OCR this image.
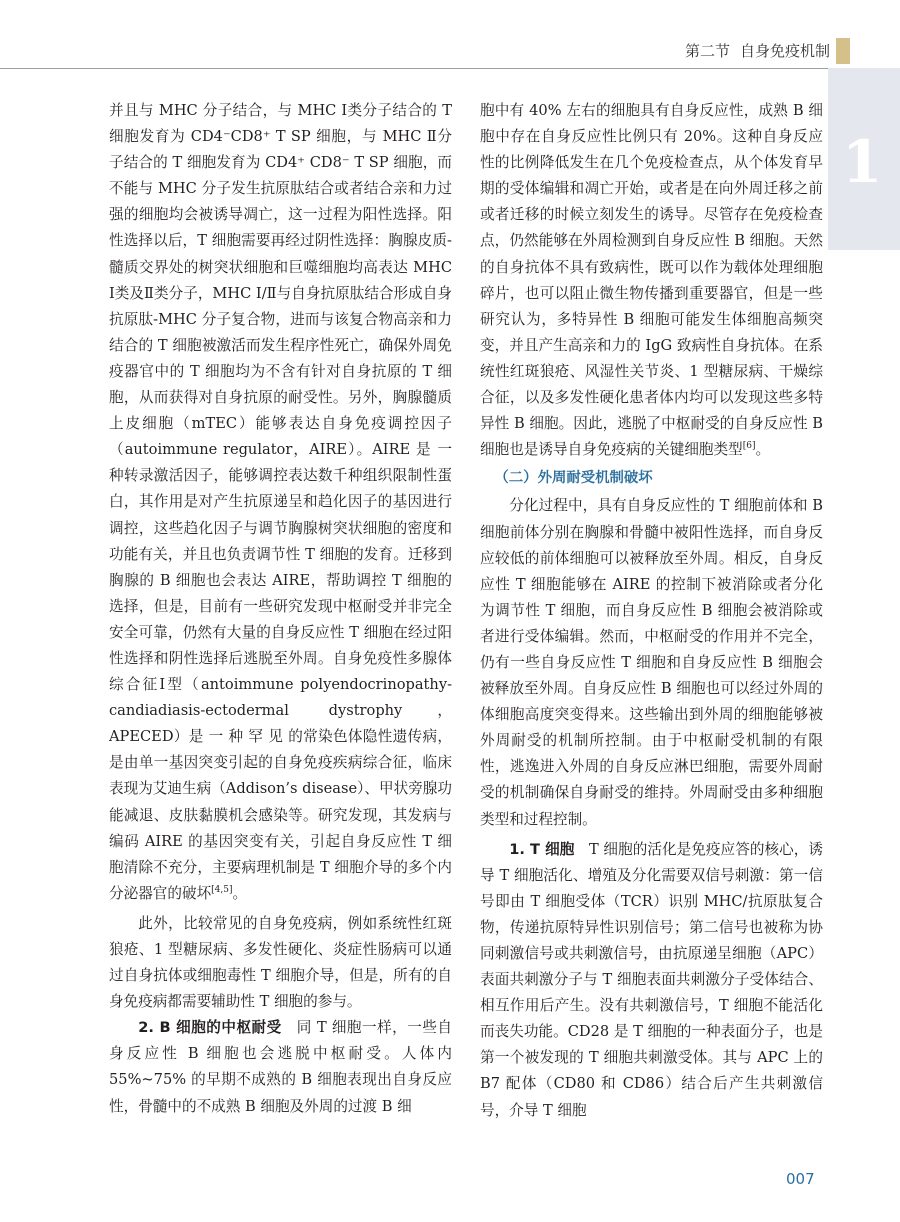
第二节 自身免疫机制
1

并且与 MHC 分子结合，与 MHC Ⅰ类分子结合的 T 细胞发育为 CD4⁻CD8⁺ T SP 细胞，与 MHC Ⅱ分子结合的 T 细胞发育为 CD4⁺ CD8⁻ T SP 细胞，而不能与 MHC 分子发生抗原肽结合或者结合亲和力过强的细胞均会被诱导凋亡，这一过程为阳性选择。阳性选择以后，T 细胞需要再经过阴性选择：胸腺皮质-髓质交界处的树突状细胞和巨噬细胞均高表达 MHC Ⅰ类及Ⅱ类分子，MHC Ⅰ/Ⅱ与自身抗原肽结合形成自身抗原肽-MHC 分子复合物，进而与该复合物高亲和力结合的 T 细胞被激活而发生程序性死亡，确保外周免疫器官中的 T 细胞均为不含有针对自身抗原的 T 细胞，从而获得对自身抗原的耐受性。另外，胸腺髓质上皮细胞（mTEC）能够表达自身免疫调控因子（autoimmune regulator，AIRE）。AIRE 是 一 种转录激活因子，能够调控表达数千种组织限制性蛋白，其作用是对产生抗原递呈和趋化因子的基因进行调控，这些趋化因子与调节胸腺树突状细胞的密度和功能有关，并且也负责调节性 T 细胞的发育。迁移到胸腺的 B 细胞也会表达 AIRE，帮助调控 T 细胞的选择，但是，目前有一些研究发现中枢耐受并非完全安全可靠，仍然有大量的自身反应性 T 细胞在经过阳性选择和阴性选择后逃脱至外周。自身免疫性多腺体综合征Ⅰ型（antoimmune polyendocrinopathy-candiadiasis-ectodermal dystrophy，APECED）是 一 种 罕 见 的常染色体隐性遗传病，是由单一基因突变引起的自身免疫疾病综合征，临床表现为艾迪生病（Addison’s disease）、甲状旁腺功能减退、皮肤黏膜机会感染等。研究发现，其发病与编码 AIRE 的基因突变有关，引起自身反应性 T 细胞清除不充分，主要病理机制是 T 细胞介导的多个内分泌器官的破坏[4,5]。

此外，比较常见的自身免疫病，例如系统性红斑狼疮、1 型糖尿病、多发性硬化、炎症性肠病可以通过自身抗体或细胞毒性 T 细胞介导，但是，所有的自身免疫病都需要辅助性 T 细胞的参与。

2. B 细胞的中枢耐受　同 T 细胞一样，一些自身反应性 B 细胞也会逃脱中枢耐受。人体内 55%~75% 的早期不成熟的 B 细胞表现出自身反应性，骨髓中的不成熟 B 细胞及外周的过渡 B 细

胞中有 40% 左右的细胞具有自身反应性，成熟 B 细胞中存在自身反应性比例只有 20%。这种自身反应性的比例降低发生在几个免疫检查点，从个体发育早期的受体编辑和凋亡开始，或者是在向外周迁移之前或者迁移的时候立刻发生的诱导。尽管存在免疫检查点，仍然能够在外周检测到自身反应性 B 细胞。天然的自身抗体不具有致病性，既可以作为载体处理细胞碎片，也可以阻止微生物传播到重要器官，但是一些研究认为，多特异性 B 细胞可能发生体细胞高频突变，并且产生高亲和力的 IgG 致病性自身抗体。在系统性红斑狼疮、风湿性关节炎、1 型糖尿病、干燥综合征，以及多发性硬化患者体内均可以发现这些多特异性 B 细胞。因此，逃脱了中枢耐受的自身反应性 B 细胞也是诱导自身免疫病的关键细胞类型[6]。

（二）外周耐受机制破坏

分化过程中，具有自身反应性的 T 细胞前体和 B 细胞前体分别在胸腺和骨髓中被阳性选择，而自身反应较低的前体细胞可以被释放至外周。相反，自身反应性 T 细胞能够在 AIRE 的控制下被消除或者分化为调节性 T 细胞，而自身反应性 B 细胞会被消除或者进行受体编辑。然而，中枢耐受的作用并不完全，仍有一些自身反应性 T 细胞和自身反应性 B 细胞会被释放至外周。自身反应性 B 细胞也可以经过外周的体细胞高度突变得来。这些输出到外周的细胞能够被外周耐受的机制所控制。由于中枢耐受机制的有限性，逃逸进入外周的自身反应淋巴细胞，需要外周耐受的机制确保自身耐受的维持。外周耐受由多种细胞类型和过程控制。

1. T 细胞　T 细胞的活化是免疫应答的核心，诱导 T 细胞活化、增殖及分化需要双信号刺激：第一信号即由 T 细胞受体（TCR）识别 MHC/抗原肽复合物，传递抗原特异性识别信号；第二信号也被称为协同刺激信号或共刺激信号，由抗原递呈细胞（APC）表面共刺激分子与 T 细胞表面共刺激分子受体结合、相互作用后产生。没有共刺激信号，T 细胞不能活化而丧失功能。CD28 是 T 细胞的一种表面分子，也是第一个被发现的 T 细胞共刺激受体。其与 APC 上的 B7 配体（CD80 和 CD86）结合后产生共刺激信号，介导 T 细胞

007
